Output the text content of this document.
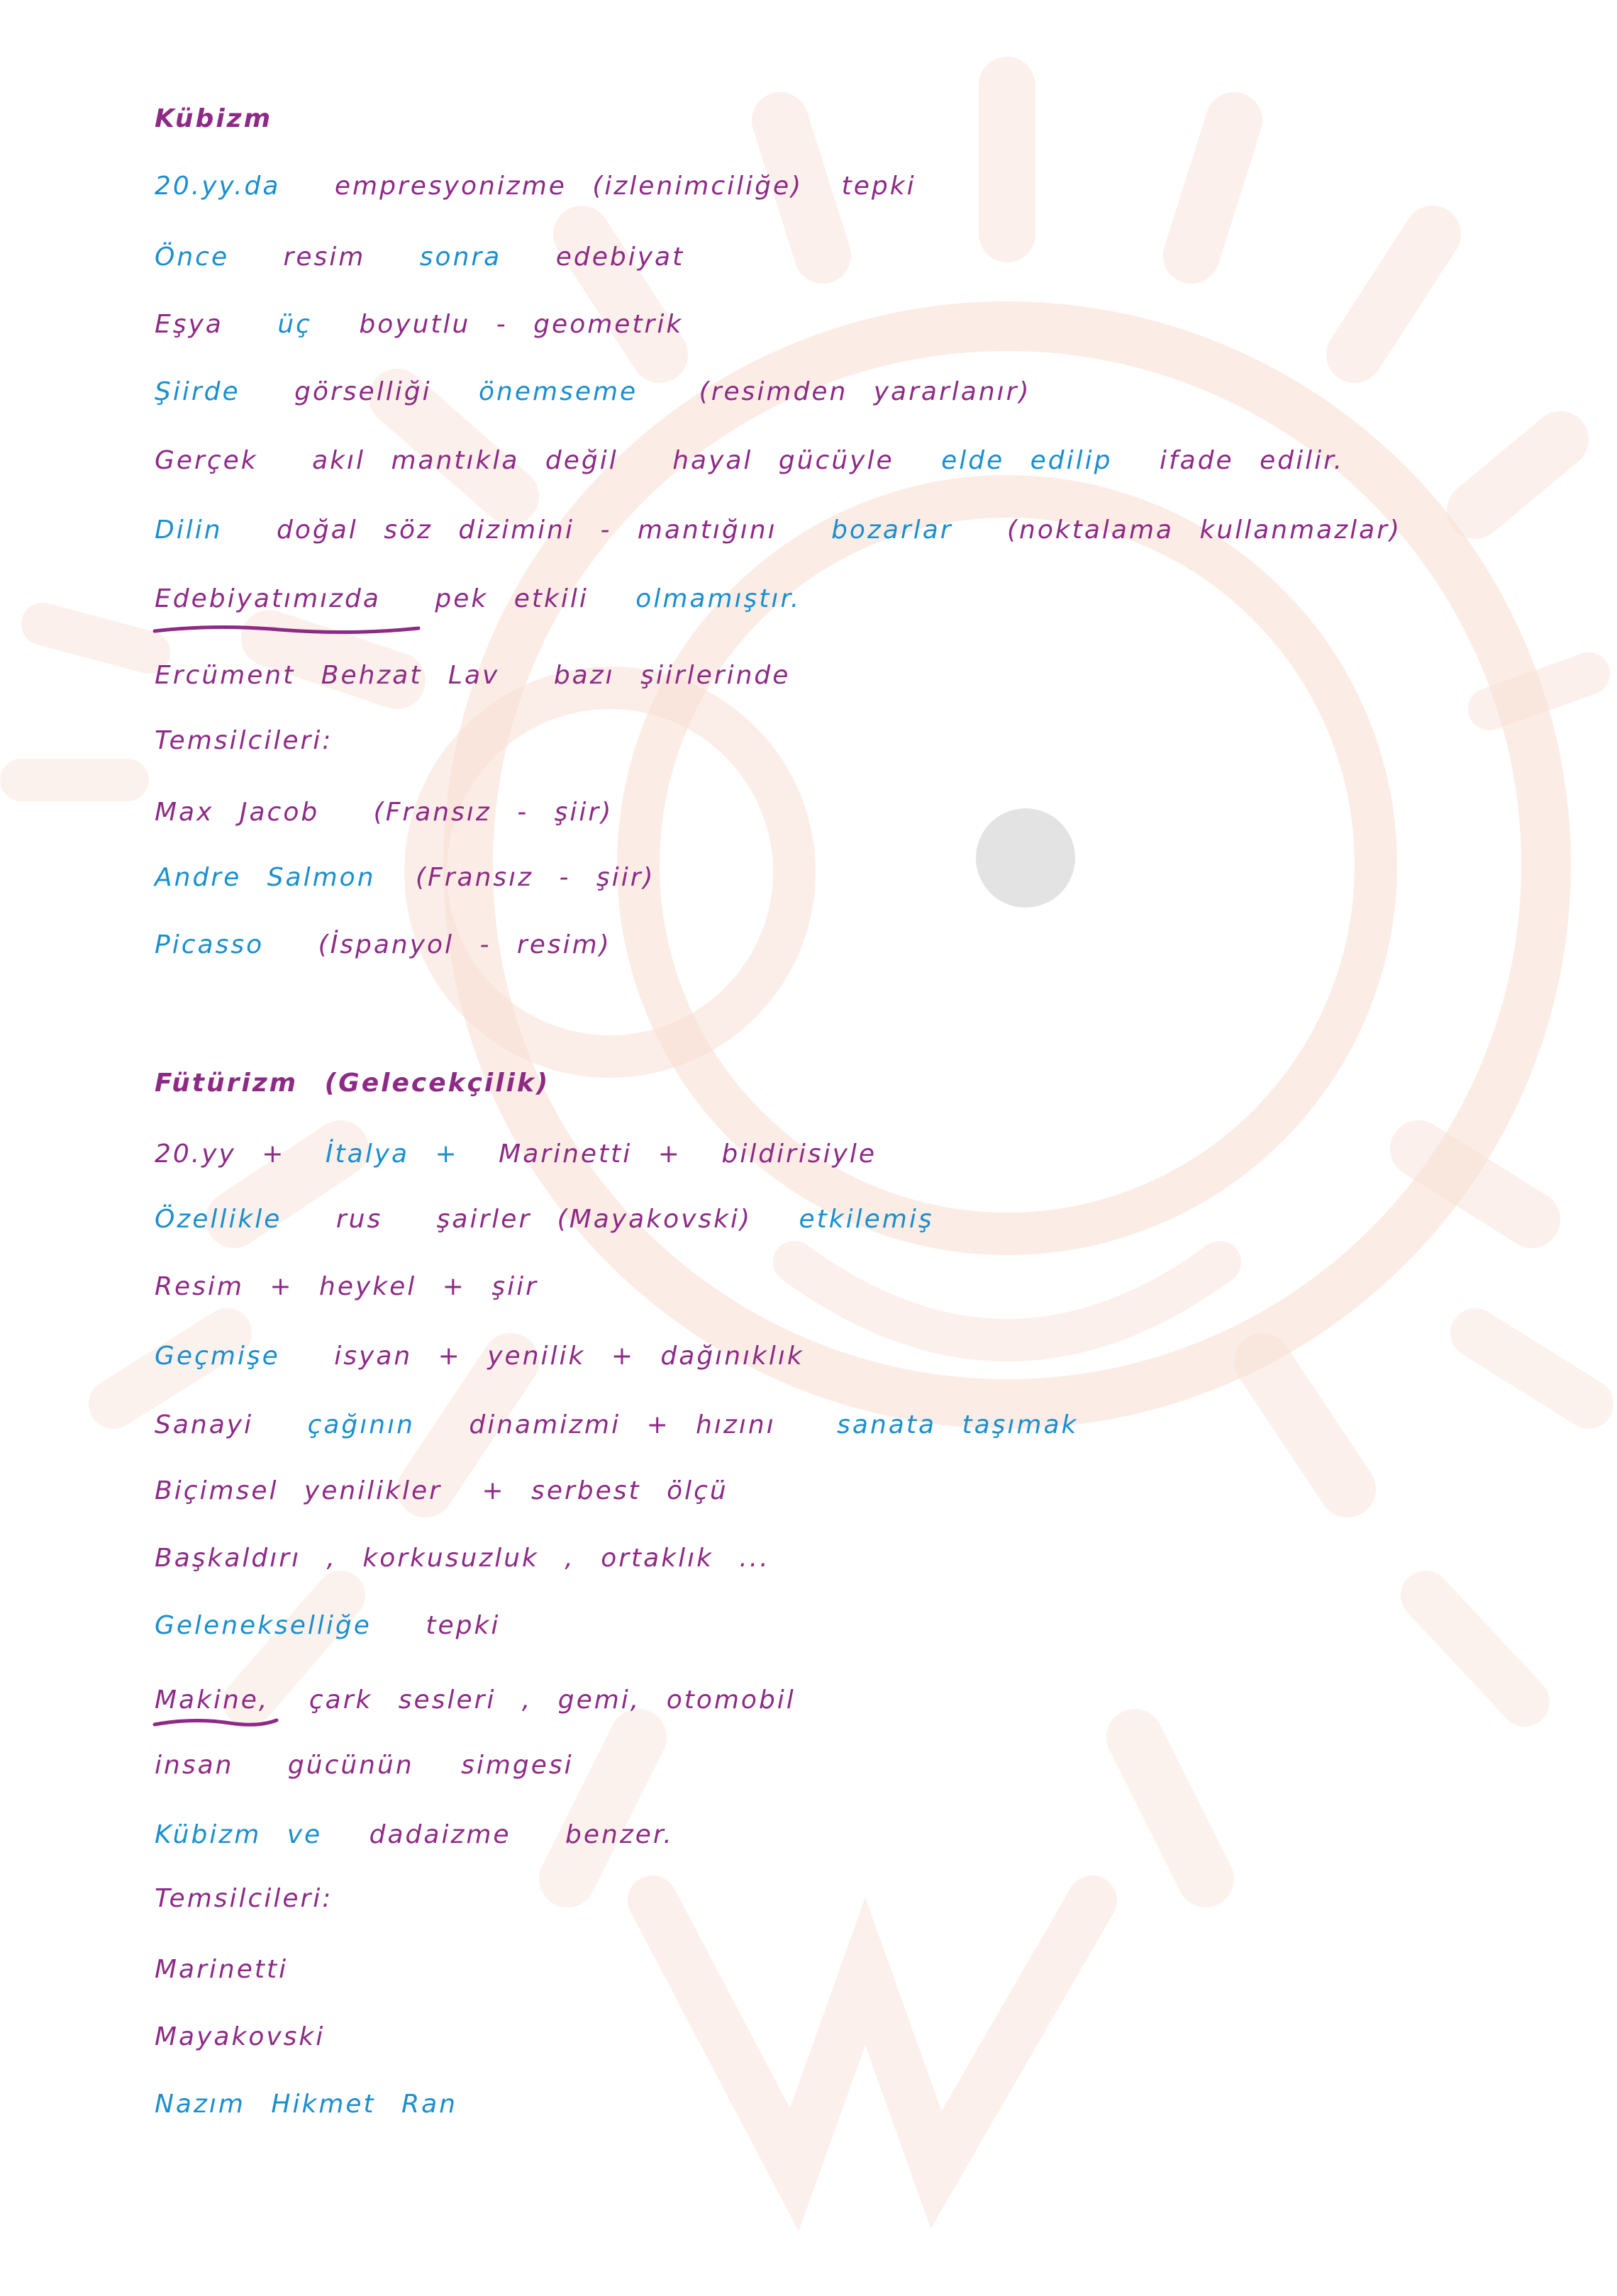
Kübizm
20.yy.da empresyonizme (izlenimciliğe) tepki
Önce resim sonra edebiyat
Eşya üç boyutlu - geometrik
Şiirde görselliği önemseme (resimden yararlanır)
Gerçek akıl mantıkla değil hayal gücüyle elde edilip ifade edilir.
Dilin doğal söz dizimini - mantığını bozarlar (noktalama kullanmazlar)
Edebiyatımızda pek etkili olmamıştır.
Ercüment Behzat Lav bazı şiirlerinde
Temsilcileri:
Max Jacob (Fransız - şiir)
Andre Salmon (Fransız - şiir)
Picasso (İspanyol - resim)
Fütürizm (Gelecekçilik)
20.yy + İtalya + Marinetti + bildirisiyle
Özellikle rus şairler (Mayakovski) etkilemiş
Resim + heykel + şiir
Geçmişe isyan + yenilik + dağınıklık
Sanayi çağının dinamizmi + hızını sanata taşımak
Biçimsel yenilikler + serbest ölçü
Başkaldırı , korkusuzluk , ortaklık ...
Gelenekselliğe tepki
Makine, çark sesleri , gemi, otomobil
insan gücünün simgesi
Kübizm ve dadaizme benzer.
Temsilcileri:
Marinetti
Mayakovski
Nazım Hikmet Ran
